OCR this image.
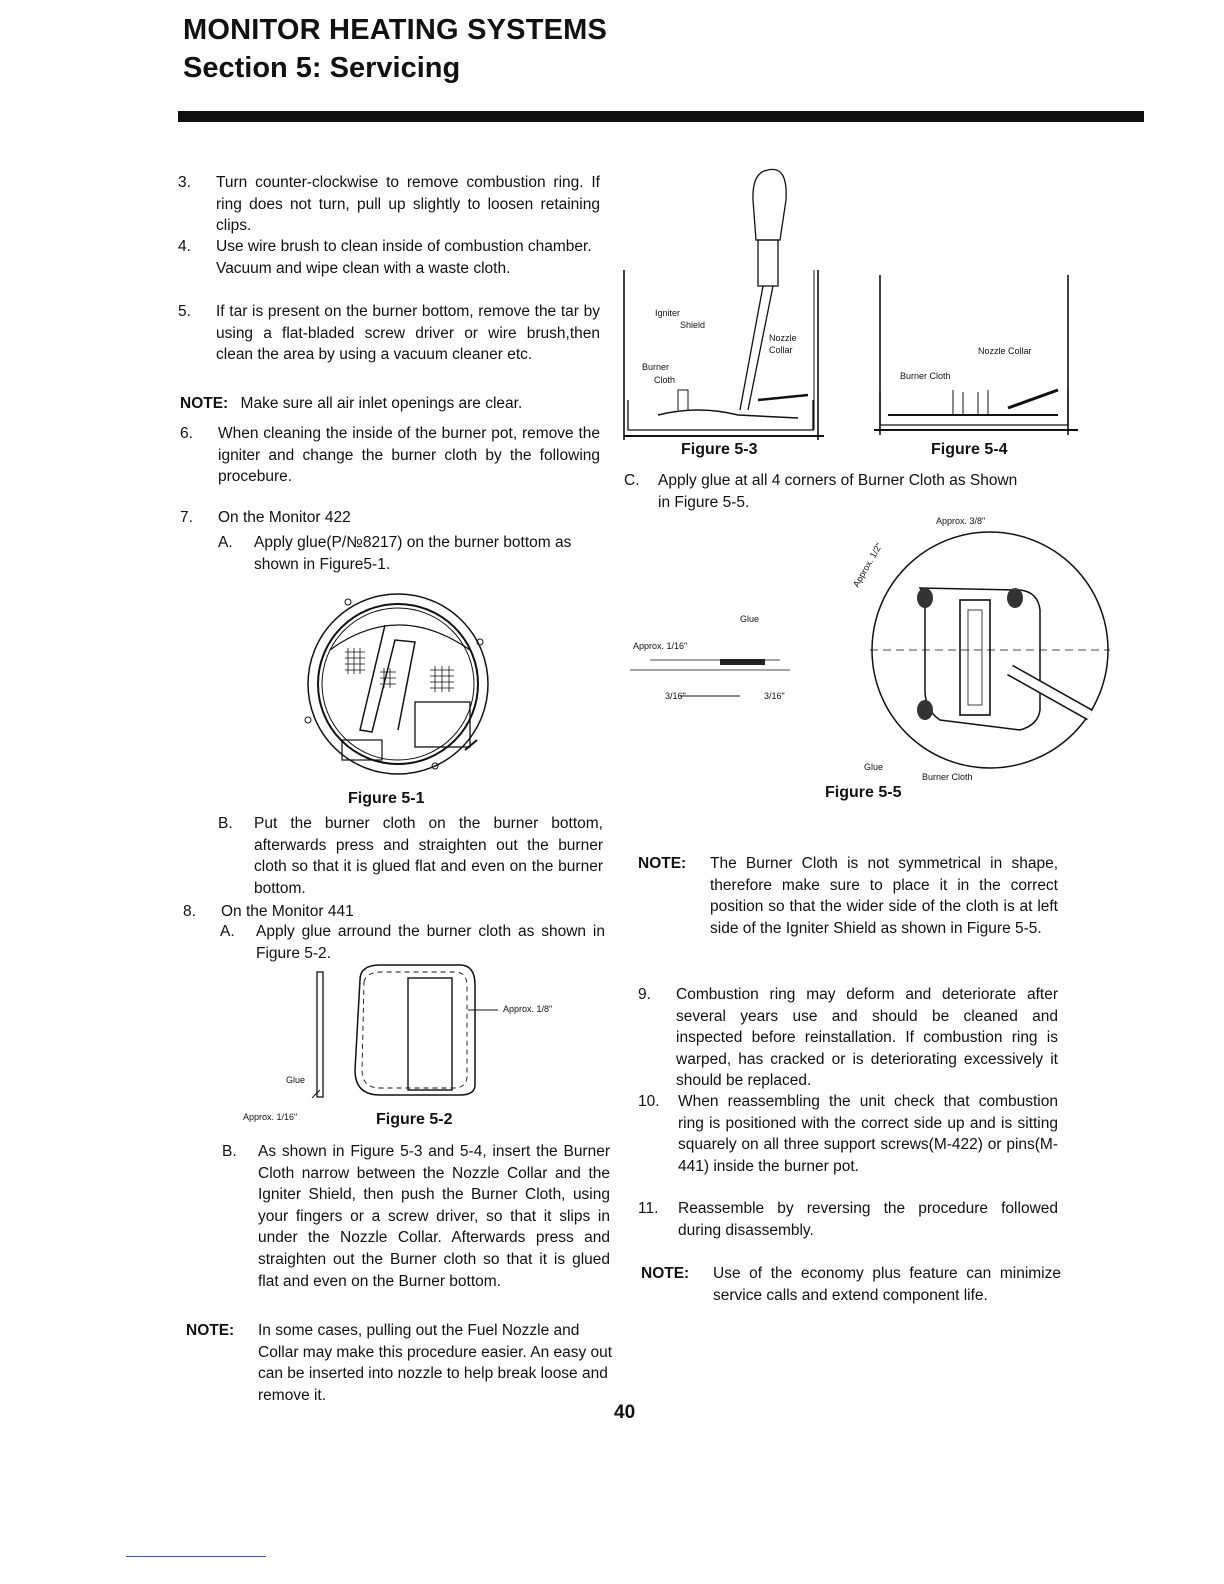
MONITOR HEATING SYSTEMS
Section 5: Servicing
3. Turn counter-clockwise to remove combustion ring. If ring does not turn, pull up slightly to loosen retaining clips.
4. Use wire brush to clean inside of combustion chamber.
Vacuum and wipe clean with a waste cloth.
5. If tar is present on the burner bottom, remove the tar by using a flat-bladed screw driver or wire brush,then clean the area by using a vacuum cleaner etc.
NOTE: Make sure all air inlet openings are clear.
6. When cleaning the inside of the burner pot, remove the igniter and change the burner cloth by the following procebure.
7. On the Monitor 422
A. Apply glue(P/№8217) on the burner bottom as shown in Figure5-1.
Figure 5-1
B. Put the burner cloth on the burner bottom, afterwards press and straighten out the burner cloth so that it is glued flat and even on the burner bottom.
8. On the Monitor 441
A. Apply glue arround the burner cloth as shown in Figure 5-2.
Approx. 1/8"
Glue
Approx. 1/16"	Figure 5-2
B. As shown in Figure 5-3 and 5-4, insert the Burner Cloth narrow between the Nozzle Collar and the Igniter Shield, then push the Burner Cloth, using your fingers or a screw driver, so that it slips in under the Nozzle Collar. Afterwards press and straighten out the Burner cloth so that it is glued flat and even on the Burner bottom.
NOTE: In some cases, pulling out the Fuel Nozzle and Collar may make this procedure easier. An easy out can be inserted into nozzle to help break loose and remove it.
Igniter
Shield
Nozzle
Collar
Burner
Cloth
Figure 5-3
Nozzle Collar
Burner Cloth
Figure 5-4
C. Apply glue at all 4 corners of Burner Cloth as Shown in Figure 5-5.
Approx. 3/8"
Approx. 1/2"
Glue
Approx. 1/16"
3/16"	3/16"
Glue
Burner Cloth
Figure 5-5
NOTE: The Burner Cloth is not symmetrical in shape, therefore make sure to place it in the correct position so that the wider side of the cloth is at left side of the Igniter Shield as shown in Figure 5-5.
9. Combustion ring may deform and deteriorate after several years use and should be cleaned and inspected before reinstallation. If combustion ring is warped, has cracked or is deteriorating excessively it should be replaced.
10. When reassembling the unit check that combustion ring is positioned with the correct side up and is sitting squarely on all three support screws(M-422) or pins(M-441) inside the burner pot.
11. Reassemble by reversing the procedure followed during disassembly.
NOTE: Use of the economy plus feature can minimize service calls and extend component life.
40
